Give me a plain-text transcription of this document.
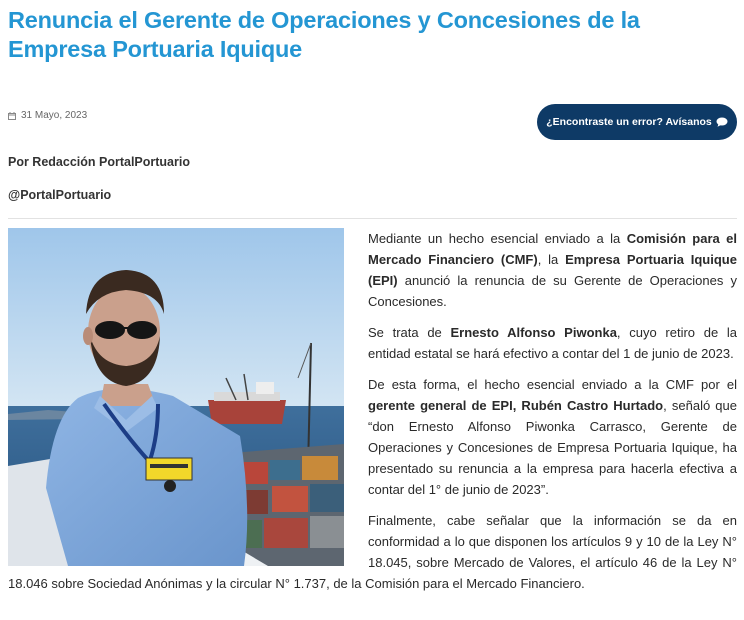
Renuncia el Gerente de Operaciones y Concesiones de la Empresa Portuaria Iquique
31 Mayo, 2023
¿Encontraste un error? Avísanos
Por Redacción PortalPortuario
@PortalPortuario

Mediante un hecho esencial enviado a la Comisión para el Mercado Financiero (CMF), la Empresa Portuaria Iquique (EPI) anunció la renuncia de su Gerente de Operaciones y Concesiones.

Se trata de Ernesto Alfonso Piwonka, cuyo retiro de la entidad estatal se hará efectivo a contar del 1 de junio de 2023.

De esta forma, el hecho esencial enviado a la CMF por el gerente general de EPI, Rubén Castro Hurtado, señaló que “don Ernesto Alfonso Piwonka Carrasco, Gerente de Operaciones y Concesiones de Empresa Portuaria Iquique, ha presentado su renuncia a la empresa para hacerla efectiva a contar del 1° de junio de 2023”.

Finalmente, cabe señalar que la información se da en conformidad a lo que disponen los artículos 9 y 10 de la Ley N° 18.045, sobre Mercado de Valores, el artículo 46 de la Ley N° 18.046 sobre Sociedad Anónimas y la circular N° 1.737, de la Comisión para el Mercado Financiero.
